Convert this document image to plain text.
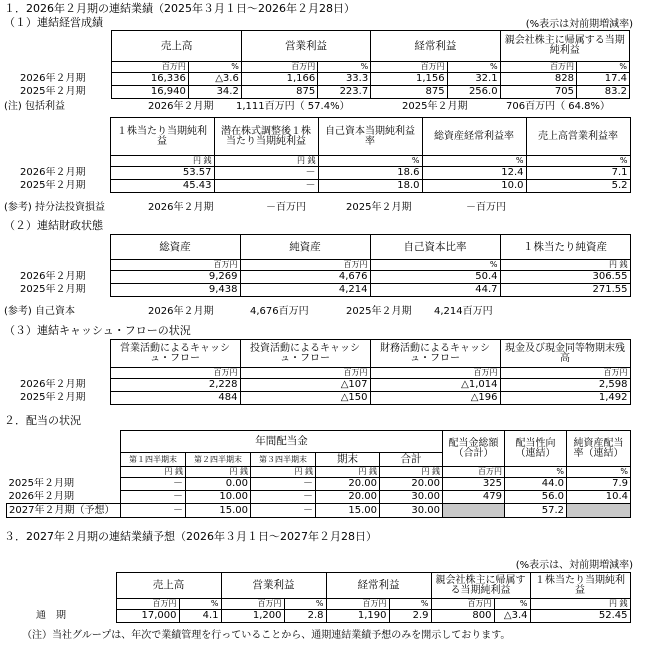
１．2026年２月期の連結業績（2025年３月１日～2026年２月28日）
（１）連結経営成績	(%表示は対前期増減率)
	売上高		営業利益		経常利益		親会社株主に帰属する当期純利益	
	百万円	%	百万円	%	百万円	%	百万円	%
2026年２月期	16,336	△3.6	1,166	33.3	1,156	32.1	828	17.4
2025年２月期	16,940	34.2	875	223.7	875	256.0	705	83.2
(注) 包括利益	2026年２月期 1,111百万円（ 57.4%）	2025年２月期	706百万円（ 64.8%）
	１株当たり当期純利益	潜在株式調整後１株当たり当期純利益	自己資本当期純利益率	総資産経常利益率	売上高営業利益率
	円 銭	円 銭	%	%	%
2026年２月期	53.57	－	18.6	12.4	7.1
2025年２月期	45.43	－	18.0	10.0	5.2
(参考) 持分法投資損益	2026年２月期	－百万円	2025年２月期	－百万円
（２）連結財政状態
	総資産	純資産	自己資本比率	１株当たり純資産
	百万円	百万円	%	円 銭
2026年２月期	9,269	4,676	50.4	306.55
2025年２月期	9,438	4,214	44.7	271.55
(参考) 自己資本	2026年２月期	4,676百万円	2025年２月期 4,214百万円
（３）連結キャッシュ・フローの状況
	営業活動によるキャッシュ・フロー	投資活動によるキャッシュ・フロー	財務活動によるキャッシュ・フロー	現金及び現金同等物期末残高
	百万円	百万円	百万円	百万円
2026年２月期	2,228	△107	△1,014	2,598
2025年２月期	484	△150	△196	1,492
２．配当の状況
	年間配当金					配当金総額（合計）	配当性向（連結）	純資産配当率（連結）
	第１四半期末	第２四半期末	第３四半期末	期末	合計			
	円 銭	円 銭	円 銭	円 銭	円 銭	百万円	%	%
2025年２月期	－	0.00	－	20.00	20.00	325	44.0	7.9
2026年２月期	－	10.00	－	20.00	30.00	479	56.0	10.4
2027年２月期（予想）	－	15.00	－	15.00	30.00		57.2	
３．2027年２月期の連結業績予想（2026年３月１日～2027年２月28日）
(%表示は、対前期増減率)
	売上高		営業利益		経常利益		親会社株主に帰属する当期純利益		１株当たり当期純利益
	百万円	%	百万円	%	百万円	%	百万円	%	円 銭
通　期	17,000	4.1	1,200	2.8	1,190	2.9	800	△3.4	52.45
（注）当社グループは、年次で業績管理を行っていることから、通期連結業績予想のみを開示しております。
